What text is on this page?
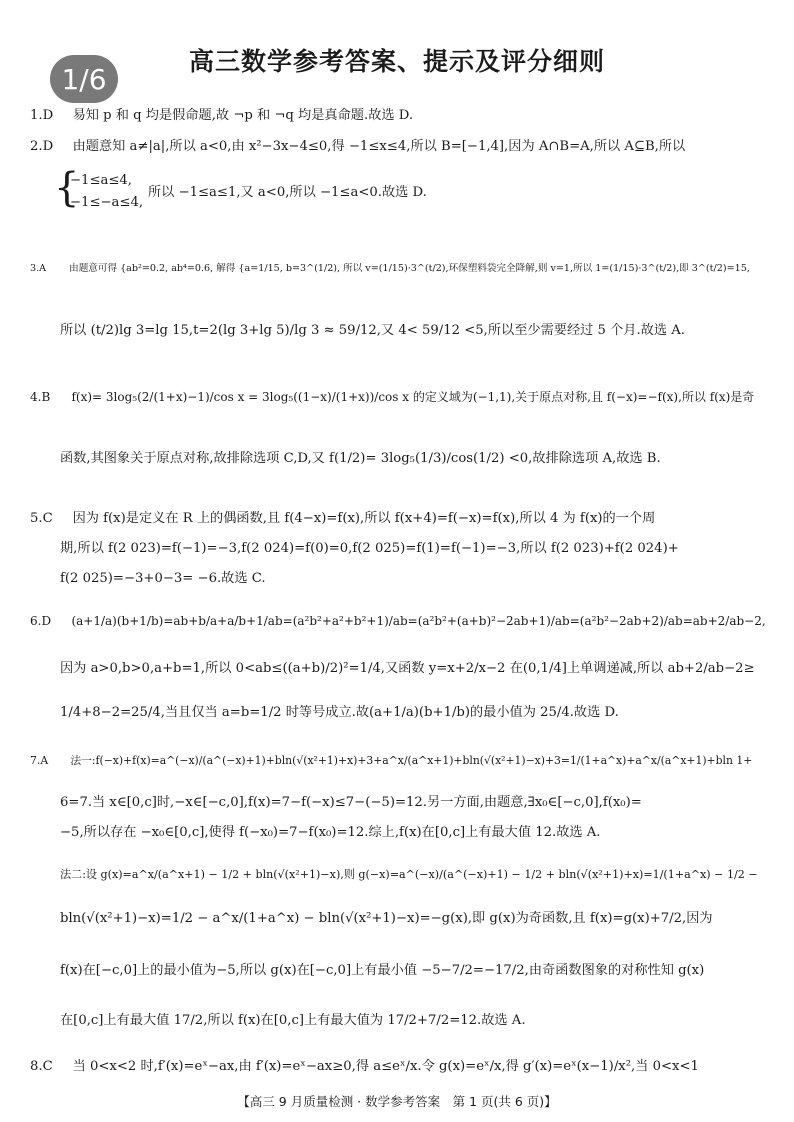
高三数学参考答案、提示及评分细则
1/6
1.D 易知 p 和 q 均是假命题,故 ¬p 和 ¬q 均是真命题.故选 D.
2.D 由题意知 a≠|a|,所以 a<0,由 x²−3x−4≤0,得 −1≤x≤4,所以 B=[−1,4],因为 A∩B=A,所以 A⊆B,所以
{
−1≤a≤4,
−1≤−a≤4,
所以 −1≤a≤1,又 a<0,所以 −1≤a<0.故选 D.
3.A 由题意可得 {ab²=0.2, ab⁴=0.6, 解得 {a=1/15, b=3^(1/2), 所以 v=(1/15)·3^(t/2),环保塑料袋完全降解,则 v=1,所以 1=(1/15)·3^(t/2),即 3^(t/2)=15,
所以 (t/2)lg 3=lg 15,t=2(lg 3+lg 5)/lg 3 ≈ 59/12,又 4< 59/12 <5,所以至少需要经过 5 个月.故选 A.
4.B f(x)= 3log₅(2/(1+x)−1)/cos x = 3log₅((1−x)/(1+x))/cos x 的定义域为(−1,1),关于原点对称,且 f(−x)=−f(x),所以 f(x)是奇
函数,其图象关于原点对称,故排除选项 C,D,又 f(1/2)= 3log₅(1/3)/cos(1/2) <0,故排除选项 A,故选 B.
5.C 因为 f(x)是定义在 R 上的偶函数,且 f(4−x)=f(x),所以 f(x+4)=f(−x)=f(x),所以 4 为 f(x)的一个周
期,所以 f(2 023)=f(−1)=−3,f(2 024)=f(0)=0,f(2 025)=f(1)=f(−1)=−3,所以 f(2 023)+f(2 024)+
f(2 025)=−3+0−3= −6.故选 C.
6.D (a+1/a)(b+1/b)=ab+b/a+a/b+1/ab=(a²b²+a²+b²+1)/ab=(a²b²+(a+b)²−2ab+1)/ab=(a²b²−2ab+2)/ab=ab+2/ab−2,
因为 a>0,b>0,a+b=1,所以 0<ab≤((a+b)/2)²=1/4,又函数 y=x+2/x−2 在(0,1/4]上单调递减,所以 ab+2/ab−2≥
1/4+8−2=25/4,当且仅当 a=b=1/2 时等号成立.故(a+1/a)(b+1/b)的最小值为 25/4.故选 D.
7.A 法一:f(−x)+f(x)=a^(−x)/(a^(−x)+1)+bln(√(x²+1)+x)+3+a^x/(a^x+1)+bln(√(x²+1)−x)+3=1/(1+a^x)+a^x/(a^x+1)+bln 1+
6=7.当 x∈[0,c]时,−x∈[−c,0],f(x)=7−f(−x)≤7−(−5)=12.另一方面,由题意,∃x₀∈[−c,0],f(x₀)=
−5,所以存在 −x₀∈[0,c],使得 f(−x₀)=7−f(x₀)=12.综上,f(x)在[0,c]上有最大值 12.故选 A.
法二:设 g(x)=a^x/(a^x+1) − 1/2 + bln(√(x²+1)−x),则 g(−x)=a^(−x)/(a^(−x)+1) − 1/2 + bln(√(x²+1)+x)=1/(1+a^x) − 1/2 −
bln(√(x²+1)−x)=1/2 − a^x/(1+a^x) − bln(√(x²+1)−x)=−g(x),即 g(x)为奇函数,且 f(x)=g(x)+7/2,因为
f(x)在[−c,0]上的最小值为−5,所以 g(x)在[−c,0]上有最小值 −5−7/2=−17/2,由奇函数图象的对称性知 g(x)
在[0,c]上有最大值 17/2,所以 f(x)在[0,c]上有最大值为 17/2+7/2=12.故选 A.
8.C 当 0<x<2 时,f′(x)=eˣ−ax,由 f′(x)=eˣ−ax≥0,得 a≤eˣ/x.令 g(x)=eˣ/x,得 g′(x)=eˣ(x−1)/x²,当 0<x<1
【高三 9 月质量检测 · 数学参考答案　第 1 页(共 6 页)】
